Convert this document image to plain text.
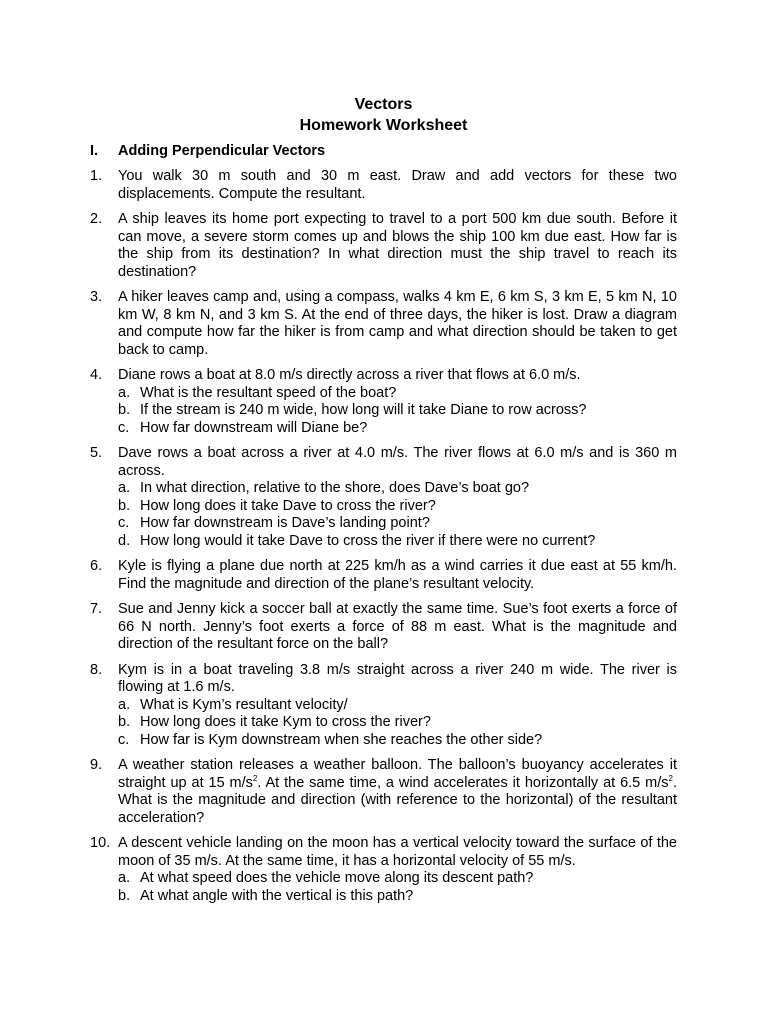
Vectors
Homework Worksheet
I.	Adding Perpendicular Vectors
1.	You walk 30 m south and 30 m east. Draw and add vectors for these two displacements. Compute the resultant.
2.	A ship leaves its home port expecting to travel to a port 500 km due south. Before it can move, a severe storm comes up and blows the ship 100 km due east. How far is the ship from its destination? In what direction must the ship travel to reach its destination?
3.	A hiker leaves camp and, using a compass, walks 4 km E, 6 km S, 3 km E, 5 km N, 10 km W, 8 km N, and 3 km S. At the end of three days, the hiker is lost. Draw a diagram and compute how far the hiker is from camp and what direction should be taken to get back to camp.
4.	Diane rows a boat at 8.0 m/s directly across a river that flows at 6.0 m/s.
a. What is the resultant speed of the boat?
b. If the stream is 240 m wide, how long will it take Diane to row across?
c. How far downstream will Diane be?
5.	Dave rows a boat across a river at 4.0 m/s. The river flows at 6.0 m/s and is 360 m across.
a. In what direction, relative to the shore, does Dave’s boat go?
b. How long does it take Dave to cross the river?
c. How far downstream is Dave’s landing point?
d. How long would it take Dave to cross the river if there were no current?
6.	Kyle is flying a plane due north at 225 km/h as a wind carries it due east at 55 km/h. Find the magnitude and direction of the plane’s resultant velocity.
7.	Sue and Jenny kick a soccer ball at exactly the same time. Sue’s foot exerts a force of 66 N north. Jenny’s foot exerts a force of 88 m east. What is the magnitude and direction of the resultant force on the ball?
8.	Kym is in a boat traveling 3.8 m/s straight across a river 240 m wide. The river is flowing at 1.6 m/s.
a. What is Kym’s resultant velocity/
b. How long does it take Kym to cross the river?
c. How far is Kym downstream when she reaches the other side?
9.	A weather station releases a weather balloon. The balloon’s buoyancy accelerates it straight up at 15 $m/s^2$. At the same time, a wind accelerates it horizontally at 6.5 $m/s^2$. What is the magnitude and direction (with reference to the horizontal) of the resultant acceleration?
10. A descent vehicle landing on the moon has a vertical velocity toward the surface of the moon of 35 m/s. At the same time, it has a horizontal velocity of 55 m/s.
a. At what speed does the vehicle move along its descent path?
b. At what angle with the vertical is this path?
